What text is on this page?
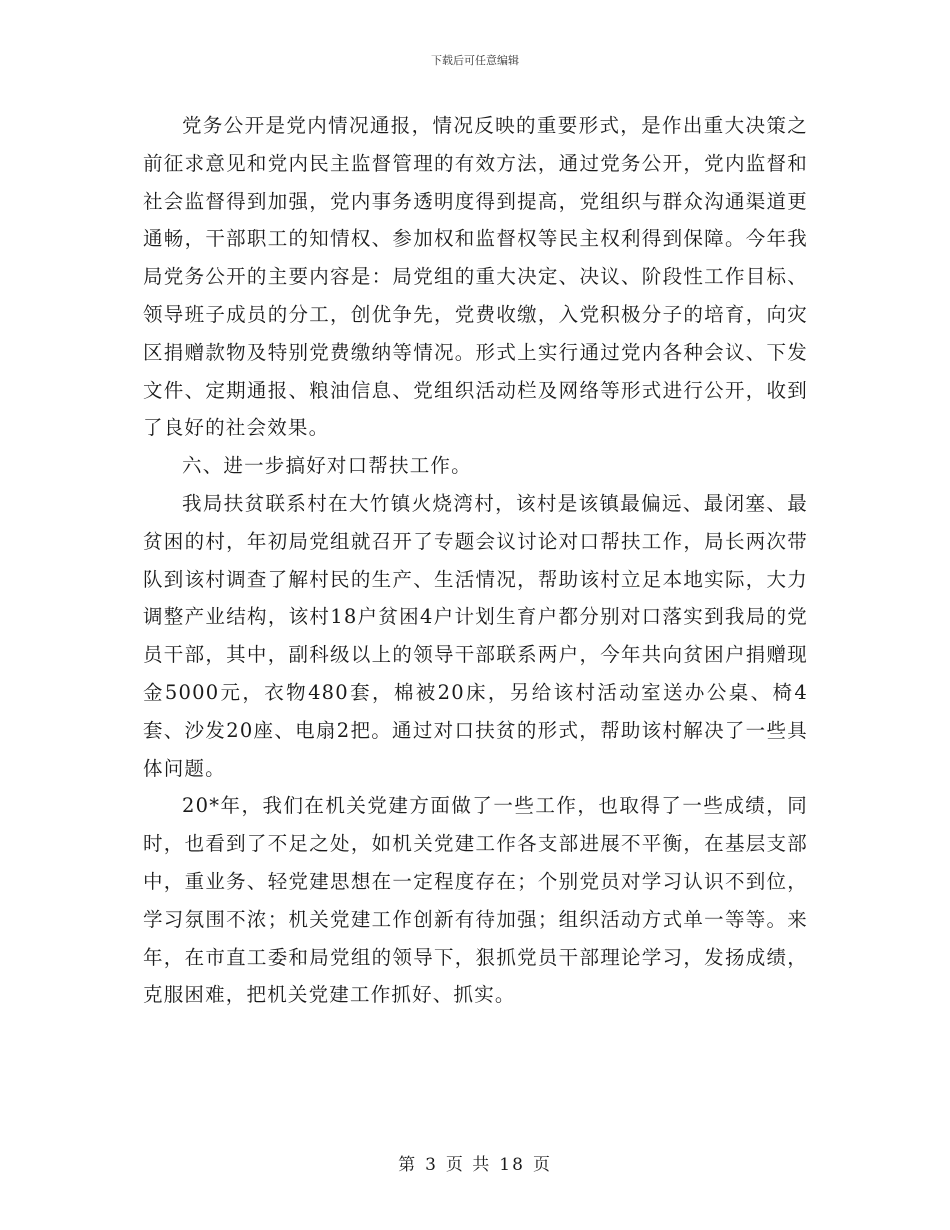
下载后可任意编辑

党务公开是党内情况通报，情况反映的重要形式，是作出重大决策之前征求意见和党内民主监督管理的有效方法，通过党务公开，党内监督和社会监督得到加强，党内事务透明度得到提高，党组织与群众沟通渠道更通畅，干部职工的知情权、参加权和监督权等民主权利得到保障。今年我局党务公开的主要内容是：局党组的重大决定、决议、阶段性工作目标、领导班子成员的分工，创优争先，党费收缴，入党积极分子的培育，向灾区捐赠款物及特别党费缴纳等情况。形式上实行通过党内各种会议、下发文件、定期通报、粮油信息、党组织活动栏及网络等形式进行公开，收到了良好的社会效果。

六、进一步搞好对口帮扶工作。

我局扶贫联系村在大竹镇火烧湾村，该村是该镇最偏远、最闭塞、最贫困的村，年初局党组就召开了专题会议讨论对口帮扶工作，局长两次带队到该村调查了解村民的生产、生活情况，帮助该村立足本地实际，大力调整产业结构，该村18户贫困4户计划生育户都分别对口落实到我局的党员干部，其中，副科级以上的领导干部联系两户，今年共向贫困户捐赠现金5000元，衣物480套，棉被20床，另给该村活动室送办公桌、椅4套、沙发20座、电扇2把。通过对口扶贫的形式，帮助该村解决了一些具体问题。

20*年，我们在机关党建方面做了一些工作，也取得了一些成绩，同时，也看到了不足之处，如机关党建工作各支部进展不平衡，在基层支部中，重业务、轻党建思想在一定程度存在；个别党员对学习认识不到位，学习氛围不浓；机关党建工作创新有待加强；组织活动方式单一等等。来年，在市直工委和局党组的领导下，狠抓党员干部理论学习，发扬成绩，克服困难，把机关党建工作抓好、抓实。

第 3 页 共 18 页
